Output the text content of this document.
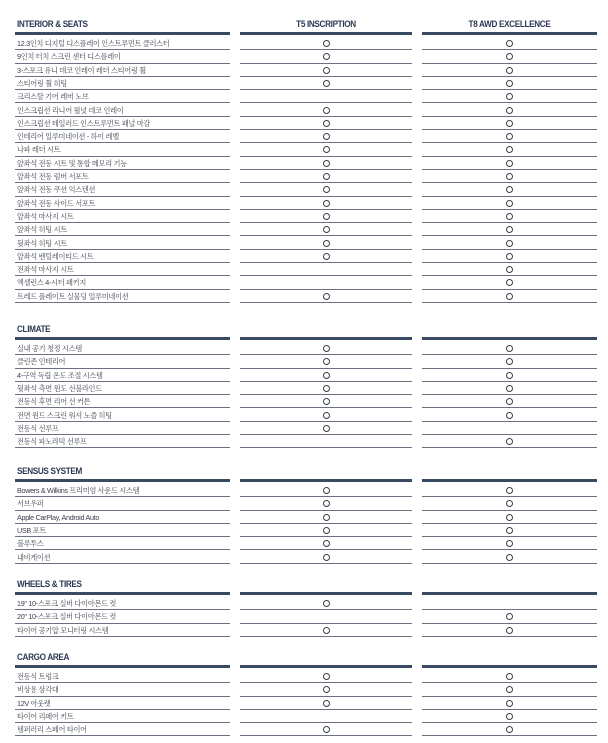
INTERIOR & SEATS	T5 INSCRIPTION	T8 AWD EXCELLENCE
12.3인치 디지털 디스플레이 인스트루먼트 클러스터
9인치 터치 스크린 센터 디스플레이
3-스포크 유니 데코 인레이 레더 스티어링 휠
스티어링 휠 히팅
크리스탈 기어 레버 노브
인스크립션 리니어 월넛 데코 인레이
인스크립션 테일러드 인스트루먼트 패널 마감
인테리어 일루미네이션 - 하이 레벨
나파 레더 시트
앞좌석 전동 시트 및 통합 메모리 기능
앞좌석 전동 럼버 서포트
앞좌석 전동 쿠션 익스텐션
앞좌석 전동 사이드 서포트
앞좌석 마사지 시트
앞좌석 히팅 시트
뒷좌석 히팅 시트
앞좌석 벤틸레이티드 시트
전좌석 마사지 시트
엑셀런스 4-시터 패키지
트레드 플레이트 실물딩 일루미네이션
CLIMATE
실내 공기 청정 시스템
클린존 인테리어
4-구역 독립 온도 조절 시스템
뒷좌석 측면 윈도 선블라인드
전동식 후면 리어 선 커튼
전면 윈드 스크린 워셔 노즐 히팅
전동식 선루프
전동식 파노라믹 선루프
SENSUS SYSTEM
Bowers & Wilkins 프리미엄 사운드 시스템
서브우퍼
Apple CarPlay, Android Auto
USB 포트
블루투스
내비게이션
WHEELS & TIRES
19" 10-스포크 실버 다이아몬드 컷
20" 10-스포크 실버 다이아몬드 컷
타이어 공기압 모니터링 시스템
CARGO AREA
전동식 트렁크
비상용 삼각대
12V 아웃렛
타이어 리페어 키트
템퍼러리 스페어 타이어
